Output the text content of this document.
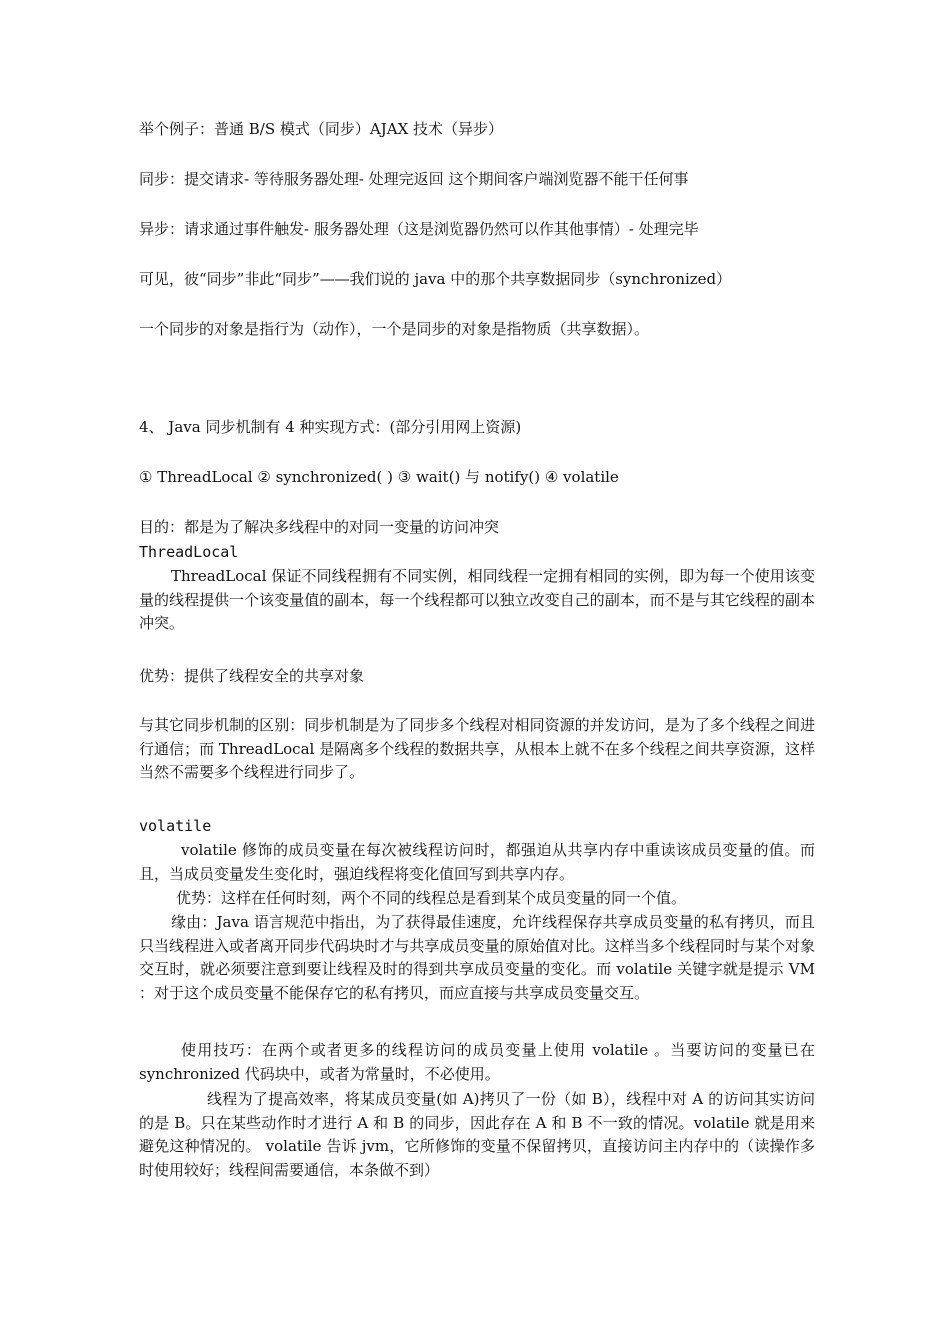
举个例子：普通 B/S 模式（同步）AJAX 技术（异步）
同步：提交请求- 等待服务器处理- 处理完返回 这个期间客户端浏览器不能干任何事
异步：请求通过事件触发- 服务器处理（这是浏览器仍然可以作其他事情）- 处理完毕
可见，彼“同步”非此“同步”——我们说的 java 中的那个共享数据同步（synchronized）
一个同步的对象是指行为（动作），一个是同步的对象是指物质（共享数据）。
4、 Java 同步机制有 4 种实现方式：(部分引用网上资源)
① ThreadLocal ② synchronized( ) ③ wait() 与 notify() ④ volatile
目的：都是为了解决多线程中的对同一变量的访问冲突
ThreadLocal
ThreadLocal 保证不同线程拥有不同实例，相同线程一定拥有相同的实例，即为每一个使用该变量的线程提供一个该变量值的副本，每一个线程都可以独立改变自己的副本，而不是与其它线程的副本冲突。
优势：提供了线程安全的共享对象
与其它同步机制的区别：同步机制是为了同步多个线程对相同资源的并发访问，是为了多个线程之间进行通信；而 ThreadLocal 是隔离多个线程的数据共享，从根本上就不在多个线程之间共享资源，这样当然不需要多个线程进行同步了。
volatile
volatile 修饰的成员变量在每次被线程访问时，都强迫从共享内存中重读该成员变量的值。而且，当成员变量发生变化时，强迫线程将变化值回写到共享内存。
优势：这样在任何时刻，两个不同的线程总是看到某个成员变量的同一个值。
缘由：Java 语言规范中指出，为了获得最佳速度，允许线程保存共享成员变量的私有拷贝，而且只当线程进入或者离开同步代码块时才与共享成员变量的原始值对比。这样当多个线程同时与某个对象交互时，就必须要注意到要让线程及时的得到共享成员变量的变化。而 volatile 关键字就是提示 VM ：对于这个成员变量不能保存它的私有拷贝，而应直接与共享成员变量交互。
使用技巧：在两个或者更多的线程访问的成员变量上使用 volatile 。当要访问的变量已在 synchronized 代码块中，或者为常量时，不必使用。
线程为了提高效率，将某成员变量(如 A)拷贝了一份（如 B），线程中对 A 的访问其实访问的是 B。只在某些动作时才进行 A 和 B 的同步，因此存在 A 和 B 不一致的情况。volatile 就是用来避免这种情况的。 volatile 告诉 jvm，它所修饰的变量不保留拷贝，直接访问主内存中的（读操作多时使用较好；线程间需要通信，本条做不到）
